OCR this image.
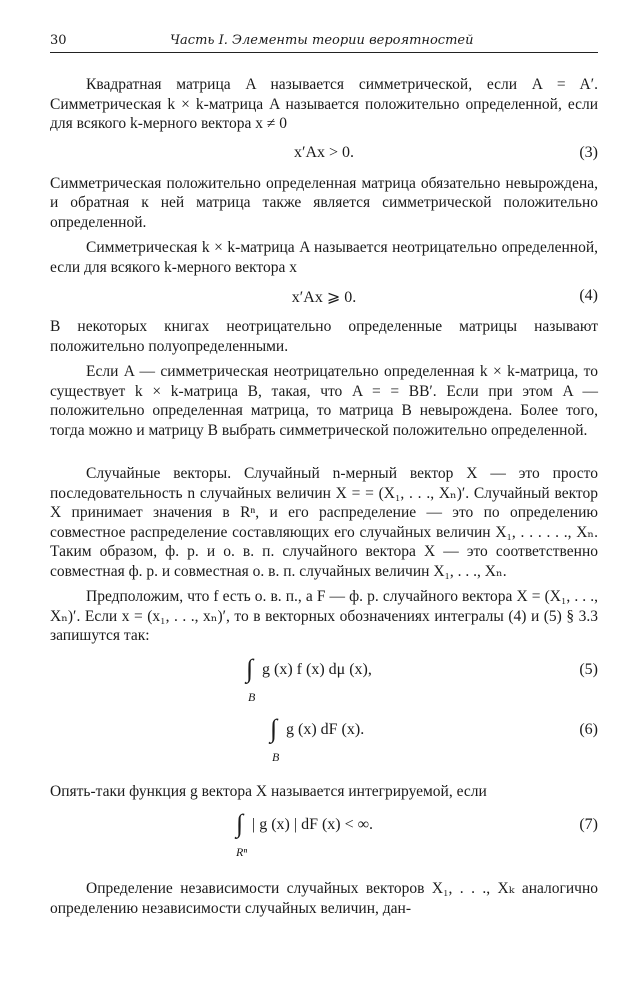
30	Часть I. Элементы теории вероятностей

Квадратная матрица A называется симметрической, если A = A′. Симметрическая k × k-матрица A называется положительно определенной, если для всякого k-мерного вектора x ≠ 0

x′Ax > 0.	(3)

Симметрическая положительно определенная матрица обязательно невырождена, и обратная к ней матрица также является симметрической положительно определенной.

Симметрическая k × k-матрица A называется неотрицательно определенной, если для всякого k-мерного вектора x

x′Ax ⩾ 0.	(4)

В некоторых книгах неотрицательно определенные матрицы называют положительно полуопределенными.

Если A — симметрическая неотрицательно определенная k × k-матрица, то существует k × k-матрица B, такая, что A = = BB′. Если при этом A — положительно определенная матрица, то матрица B невырождена. Более того, тогда можно и матрицу B выбрать симметрической положительно определенной.

Случайные векторы. Случайный n-мерный вектор X — это просто последовательность n случайных величин X = = (X₁, . . ., Xₙ)′. Случайный вектор X принимает значения в Rⁿ, и его распределение — это по определению совместное распределение составляющих его случайных величин X₁, . . . . . ., Xₙ. Таким образом, ф. р. и о. в. п. случайного вектора X — это соответственно совместная ф. р. и совместная о. в. п. случайных величин X₁, . . ., Xₙ.

Предположим, что f есть о. в. п., а F — ф. р. случайного вектора X = (X₁, . . ., Xₙ)′. Если x = (x₁, . . ., xₙ)′, то в векторных обозначениях интегралы (4) и (5) § 3.3 запишутся так:

∫
B
g (x) f (x) dμ (x),	(5)
∫
B
g (x) dF (x).	(6)

Опять-таки функция g вектора X называется интегрируемой, если

∫
Rⁿ
| g (x) | dF (x) < ∞.	(7)

Определение независимости случайных векторов X₁, . . ., Xₖ аналогично определению независимости случайных величин, дан-
